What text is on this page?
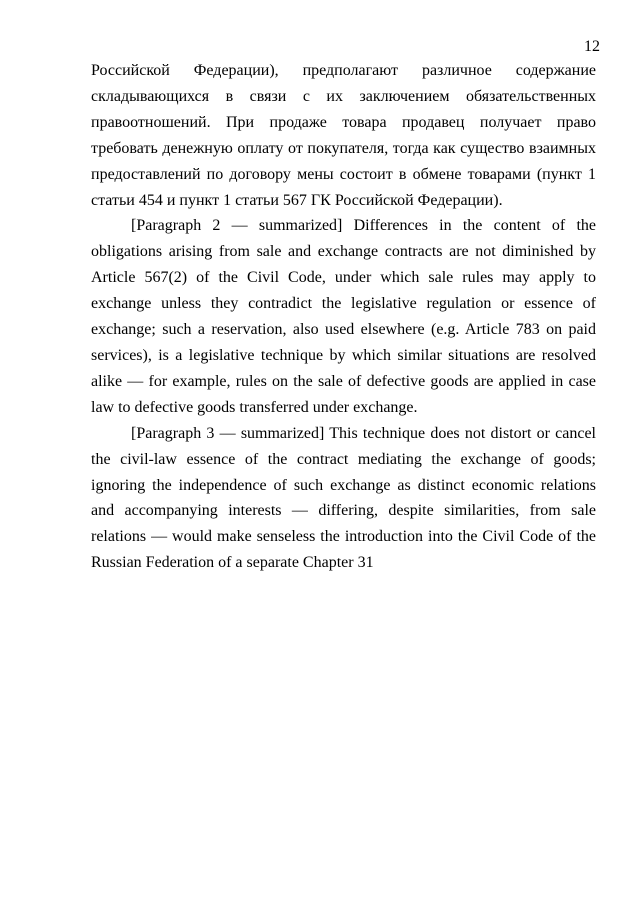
12

Российской Федерации), предполагают различное содержание складывающихся в связи с их заключением обязательственных правоотношений. При продаже товара продавец получает право требовать денежную оплату от покупателя, тогда как существо взаимных предоставлений по договору мены состоит в обмене товарами (пункт 1 статьи 454 и пункт 1 статьи 567 ГК Российской Федерации).

[Paragraph 2 — summarized] Differences in the content of the obligations arising from sale and exchange contracts are not diminished by Article 567(2) of the Civil Code, under which sale rules may apply to exchange unless they contradict the legislative regulation or essence of exchange; such a reservation, also used elsewhere (e.g. Article 783 on paid services), is a legislative technique by which similar situations are resolved alike — for example, rules on the sale of defective goods are applied in case law to defective goods transferred under exchange.

[Paragraph 3 — summarized] This technique does not distort or cancel the civil-law essence of the contract mediating the exchange of goods; ignoring the independence of such exchange as distinct economic relations and accompanying interests — differing, despite similarities, from sale relations — would make senseless the introduction into the Civil Code of the Russian Federation of a separate Chapter 31
